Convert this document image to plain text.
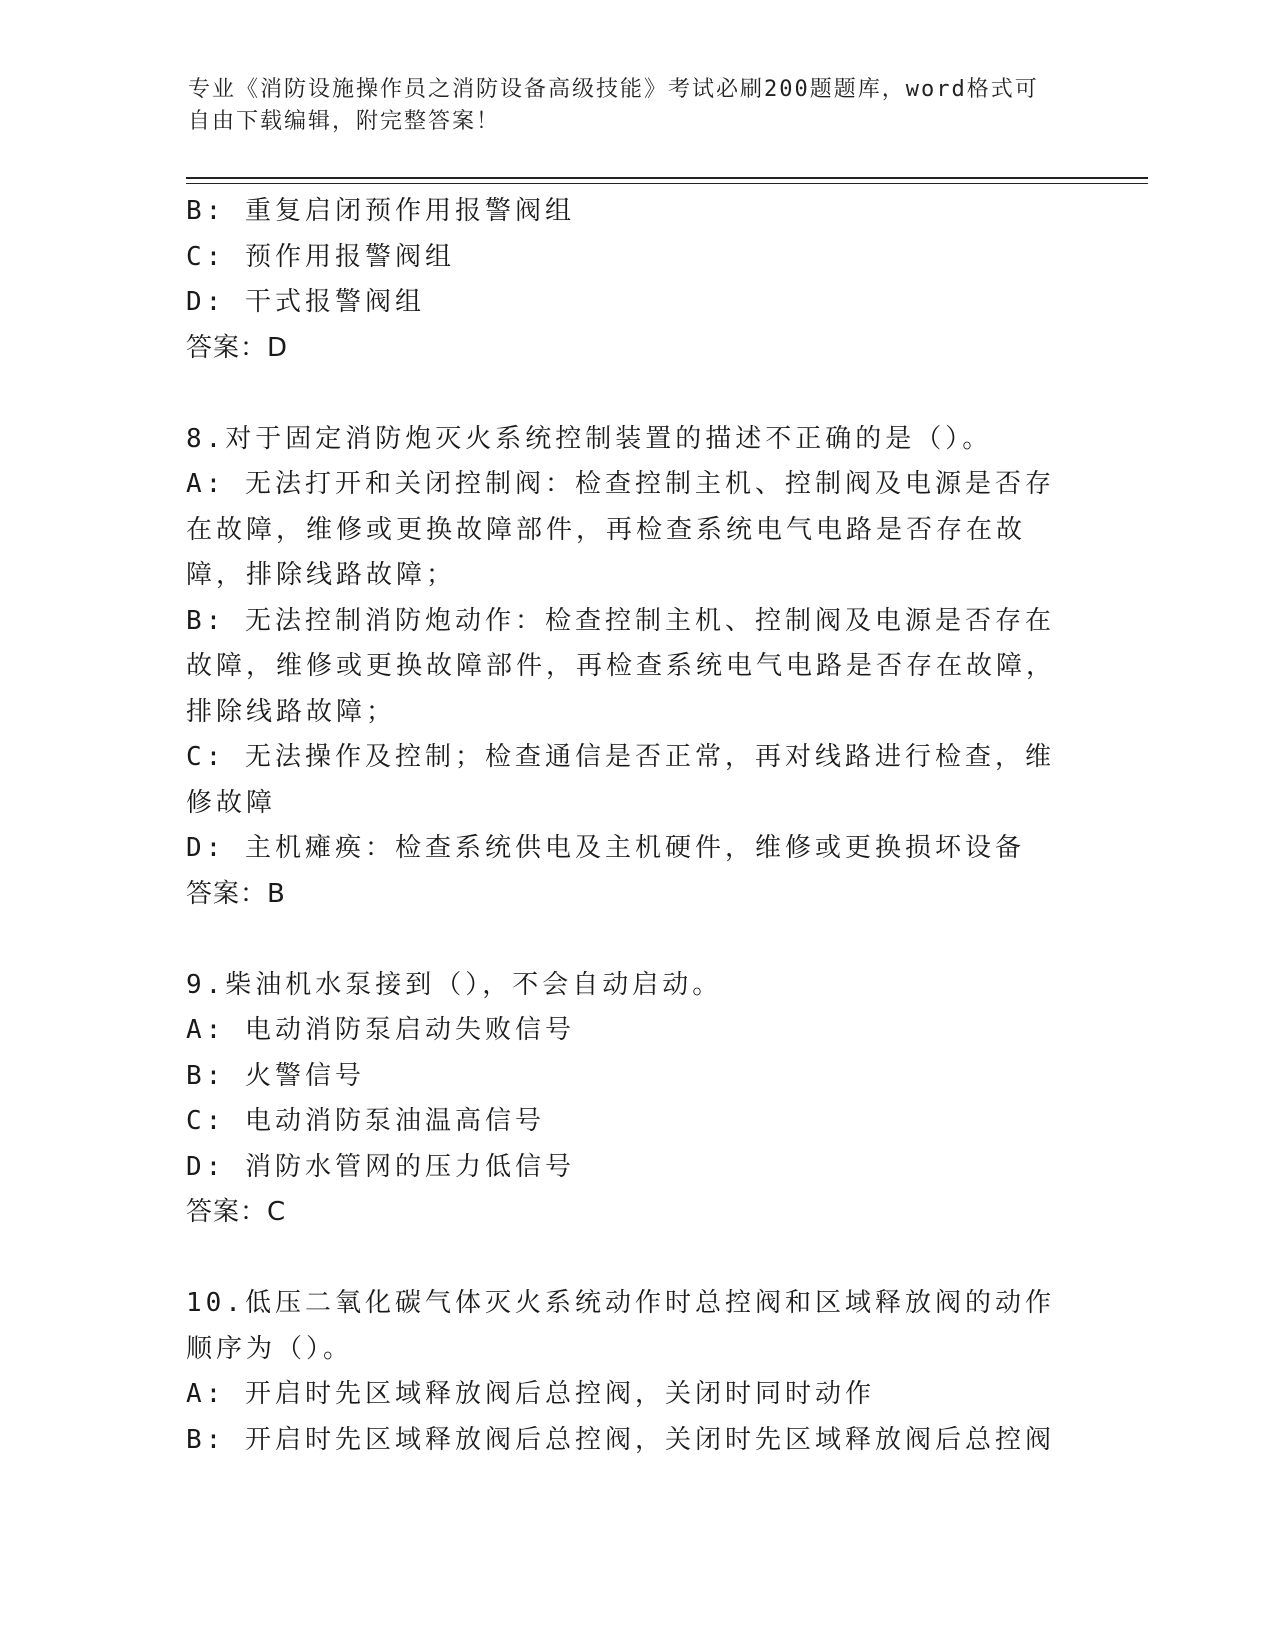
专业《消防设施操作员之消防设备高级技能》考试必刷200题题库，word格式可
自由下载编辑，附完整答案！

B: 重复启闭预作用报警阀组

C: 预作用报警阀组

D: 干式报警阀组

答案：D

8.对于固定消防炮灭火系统控制装置的描述不正确的是（）。

A: 无法打开和关闭控制阀：检查控制主机、控制阀及电源是否存在故障，维修或更换故障部件，再检查系统电气电路是否存在故障，排除线路故障；

B: 无法控制消防炮动作：检查控制主机、控制阀及电源是否存在故障，维修或更换故障部件，再检查系统电气电路是否存在故障，排除线路故障；

C: 无法操作及控制；检查通信是否正常，再对线路进行检查，维修故障

D: 主机瘫痪：检查系统供电及主机硬件，维修或更换损坏设备

答案：B

9.柴油机水泵接到（），不会自动启动。

A: 电动消防泵启动失败信号

B: 火警信号

C: 电动消防泵油温高信号

D: 消防水管网的压力低信号

答案：C

10.低压二氧化碳气体灭火系统动作时总控阀和区域释放阀的动作顺序为（）。

A: 开启时先区域释放阀后总控阀，关闭时同时动作

B: 开启时先区域释放阀后总控阀，关闭时先区域释放阀后总控阀
